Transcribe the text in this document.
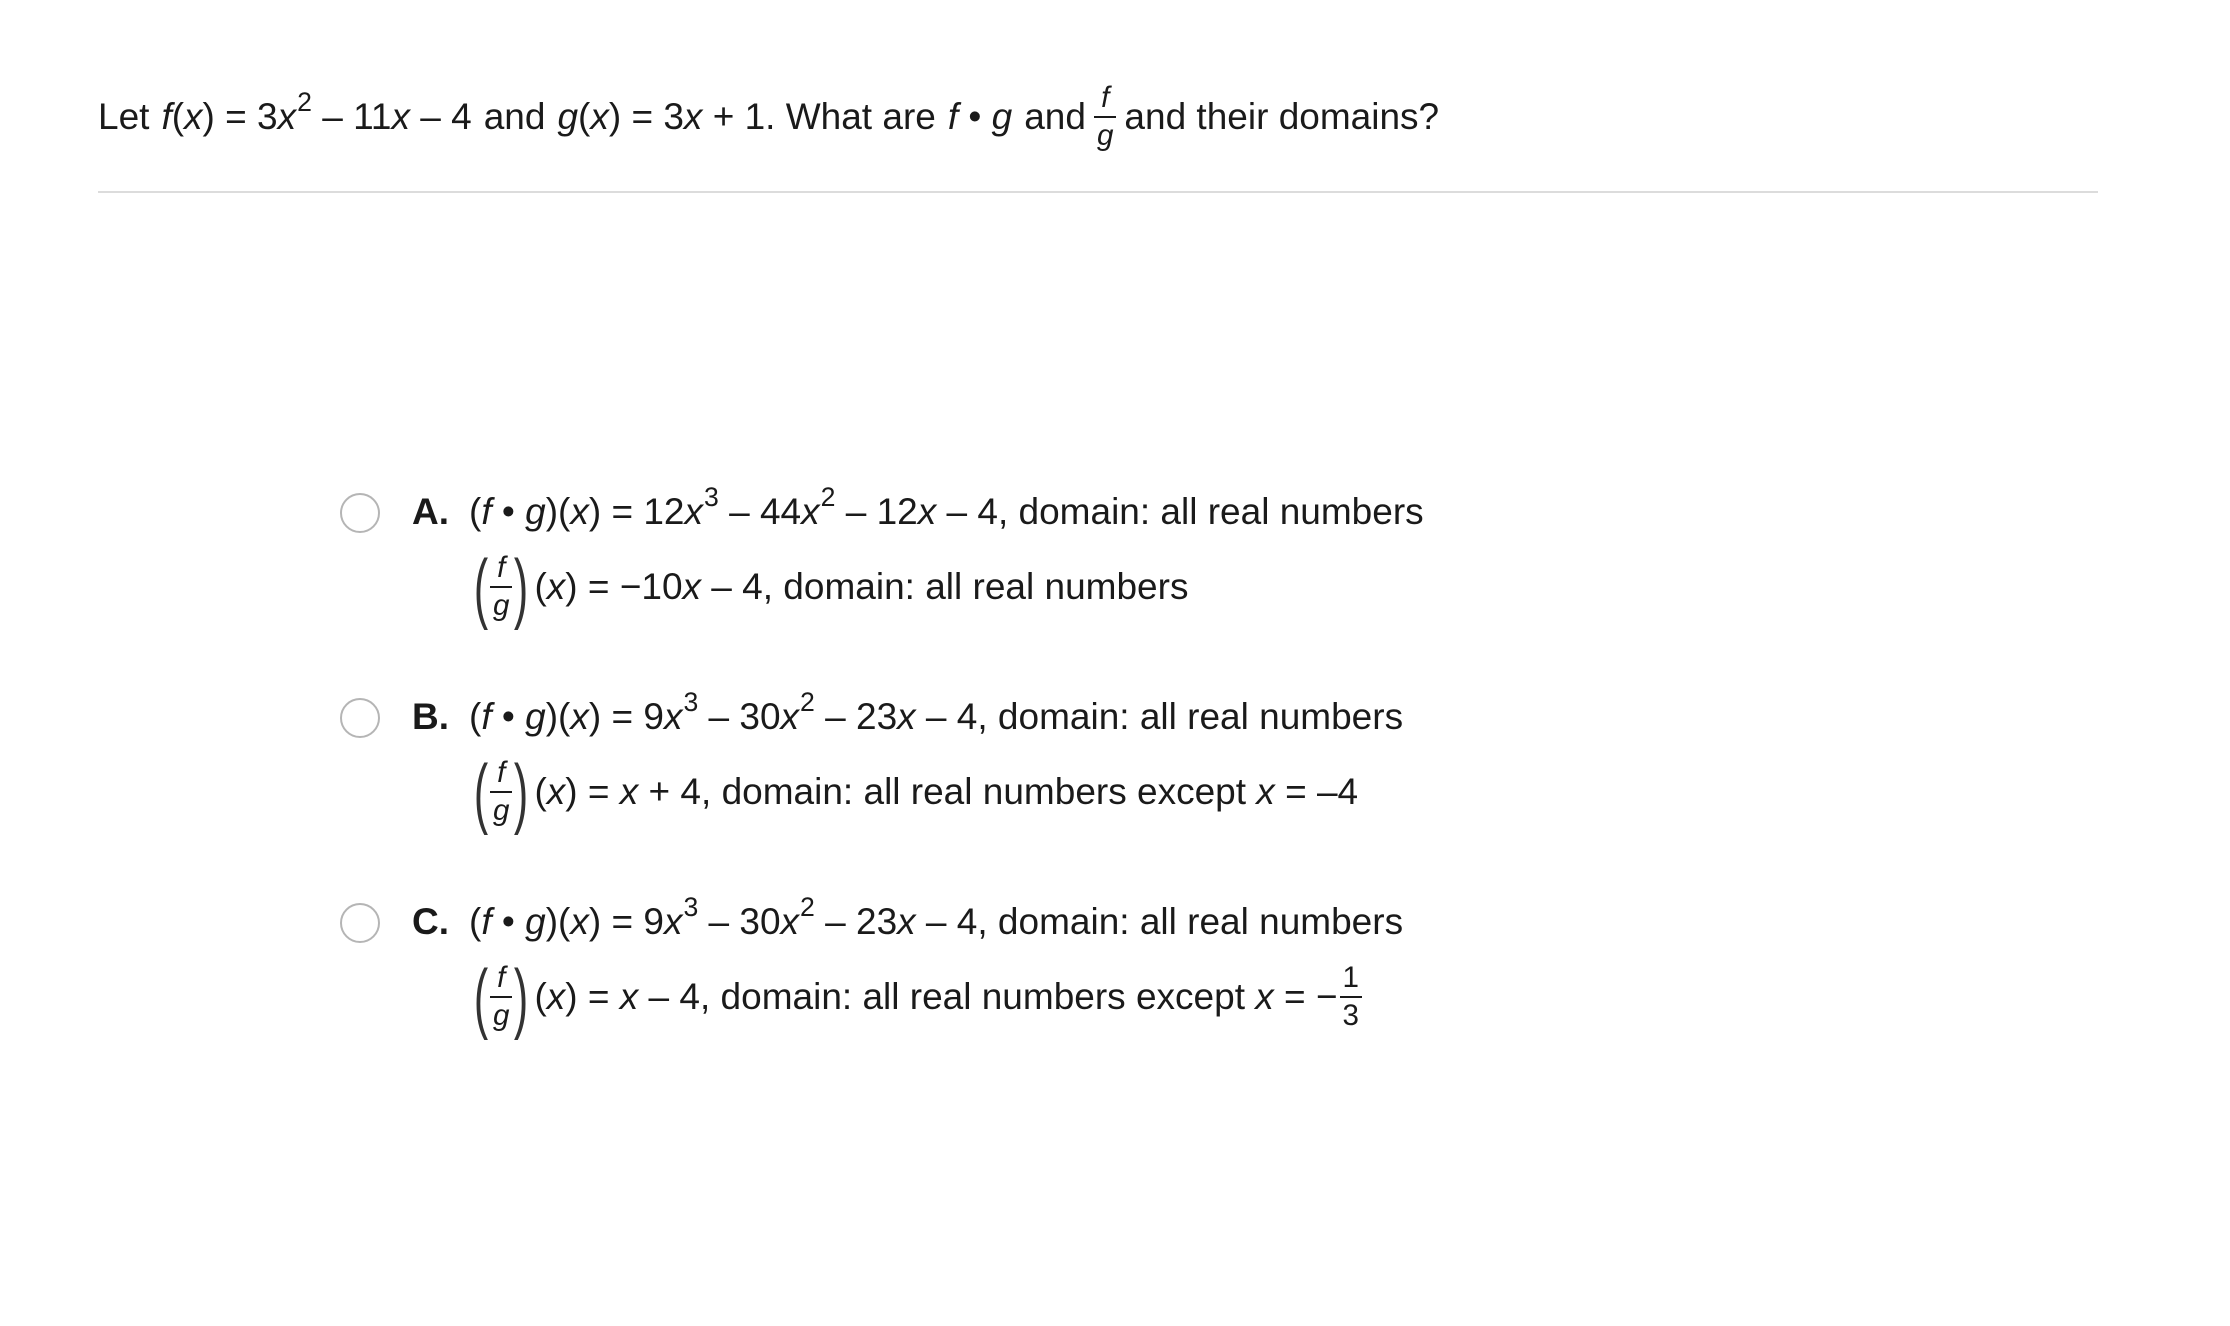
Let f ( x ) = 3 x 2 – 11 x – 4 and g ( x ) = 3 x + 1. What are f • g and $\frac{f}{g}$ and their domains?
A. ( f • g )( x ) = 12 x 3 – 44 x 2 – 12 x – 4 , domain: all real numbers
( $\frac{f}{g}$ ) ( x ) = −10 x – 4 , domain: all real numbers
B. ( f • g )( x ) = 9 x 3 – 30 x 2 – 23 x – 4 , domain: all real numbers
( $\frac{f}{g}$ ) ( x ) = x + 4 , domain: all real numbers except x = –4
C. ( f • g )( x ) = 9 x 3 – 30 x 2 – 23 x – 4 , domain: all real numbers
( $\frac{f}{g}$ ) ( x ) = x – 4 , domain: all real numbers except x = − $\frac{1}{3}$
